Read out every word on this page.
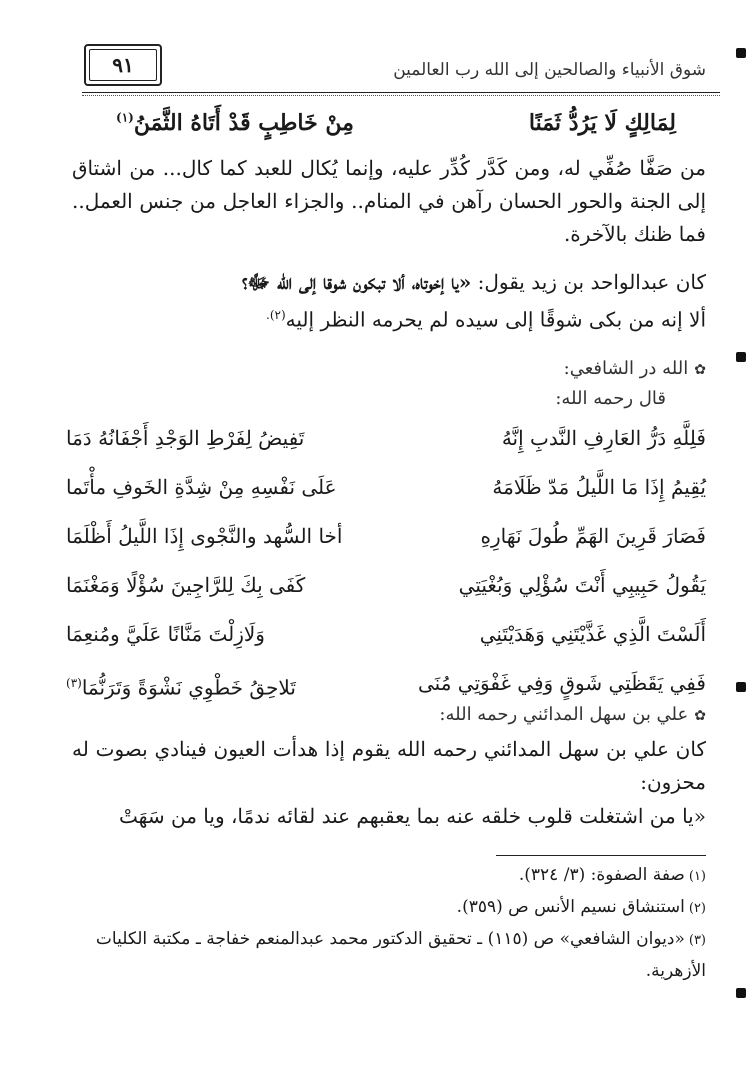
٩١	شوق الأنبياء والصالحين إلى الله رب العالمين
لِمَالِكٍ لَا يَرُدُّ ثَمَنًا
مِنْ خَاطِبٍ قَدْ أَتَاهُ الثَّمَنُ$^{(١)}$
من صَفَّا صُفِّي له، ومن كَدَّر كُدِّر عليه، وإنما يُكال للعبد كما كال... من اشتاق إلى الجنة والحور الحسان رآهن في المنام.. والجزاء العاجل من جنس العمل.. فما ظنك بالآخرة.
كان عبدالواحد بن زيد يقول: «يا إخوتاه، ألا تبكون شوقا إلى الله ﷻ؟
ألا إنه من بكى شوقًا إلى سيده لم يحرمه النظر إليه$^{(٢).}$
✿الله در الشافعي:
قال رحمه الله:
فَلِلَّهِ دَرُّ العَارِفِ النَّدبِ إِنَّهُ
تَفِيضُ لِفَرْطِ الوَجْدِ أَجْفَانُهُ دَمَا
يُقِيمُ إِذَا مَا اللَّيلُ مَدّ ظَلَامَهُ
عَلَى نَفْسِهِ مِنْ شِدَّةِ الخَوفِ مأْتَما
فَصَارَ قَرِينَ الهَمِّ طُولَ نَهَارِهِ
أخا السُّهد والنَّجْوى إِذَا اللَّيلُ أَظْلَمَا
يَقُولُ حَبِيبِي أَنْتَ سُؤْلِي وَبُغْيَتِي
كَفَى بِكَ لِلرَّاجِينَ سُؤْلًا وَمَغْنَمَا
أَلَسْتَ الَّذِي غَذَّيْتَنِي وَهَدَيْتَنِي
وَلَازِلْتَ مَنَّانًا عَلَيَّ ومُنعِمَا
فَفِي يَقَظَتِي شَوقٍ وَفِي غَفْوَتِي مُنَى
تَلاحِقُ خَطْوِي نَشْوَةً وَتَرَنُّمَا$^{(٣)}$
✿علي بن سهل المدائني رحمه الله:
كان علي بن سهل المدائني رحمه الله يقوم إذا هدأت العيون فينادي بصوت له محزون:
«يا من اشتغلت قلوب خلقه عنه بما يعقبهم عند لقائه ندمًا، ويا من سَهَتْ

(١)صفة الصفوة: (٣/ ٣٢٤).

(٢)استنشاق نسيم الأنس ص (٣٥٩).

(٣)«ديوان الشافعي» ص (١١٥) ـ تحقيق الدكتور محمد عبدالمنعم خفاجة ـ مكتبة الكليات الأزهرية.
